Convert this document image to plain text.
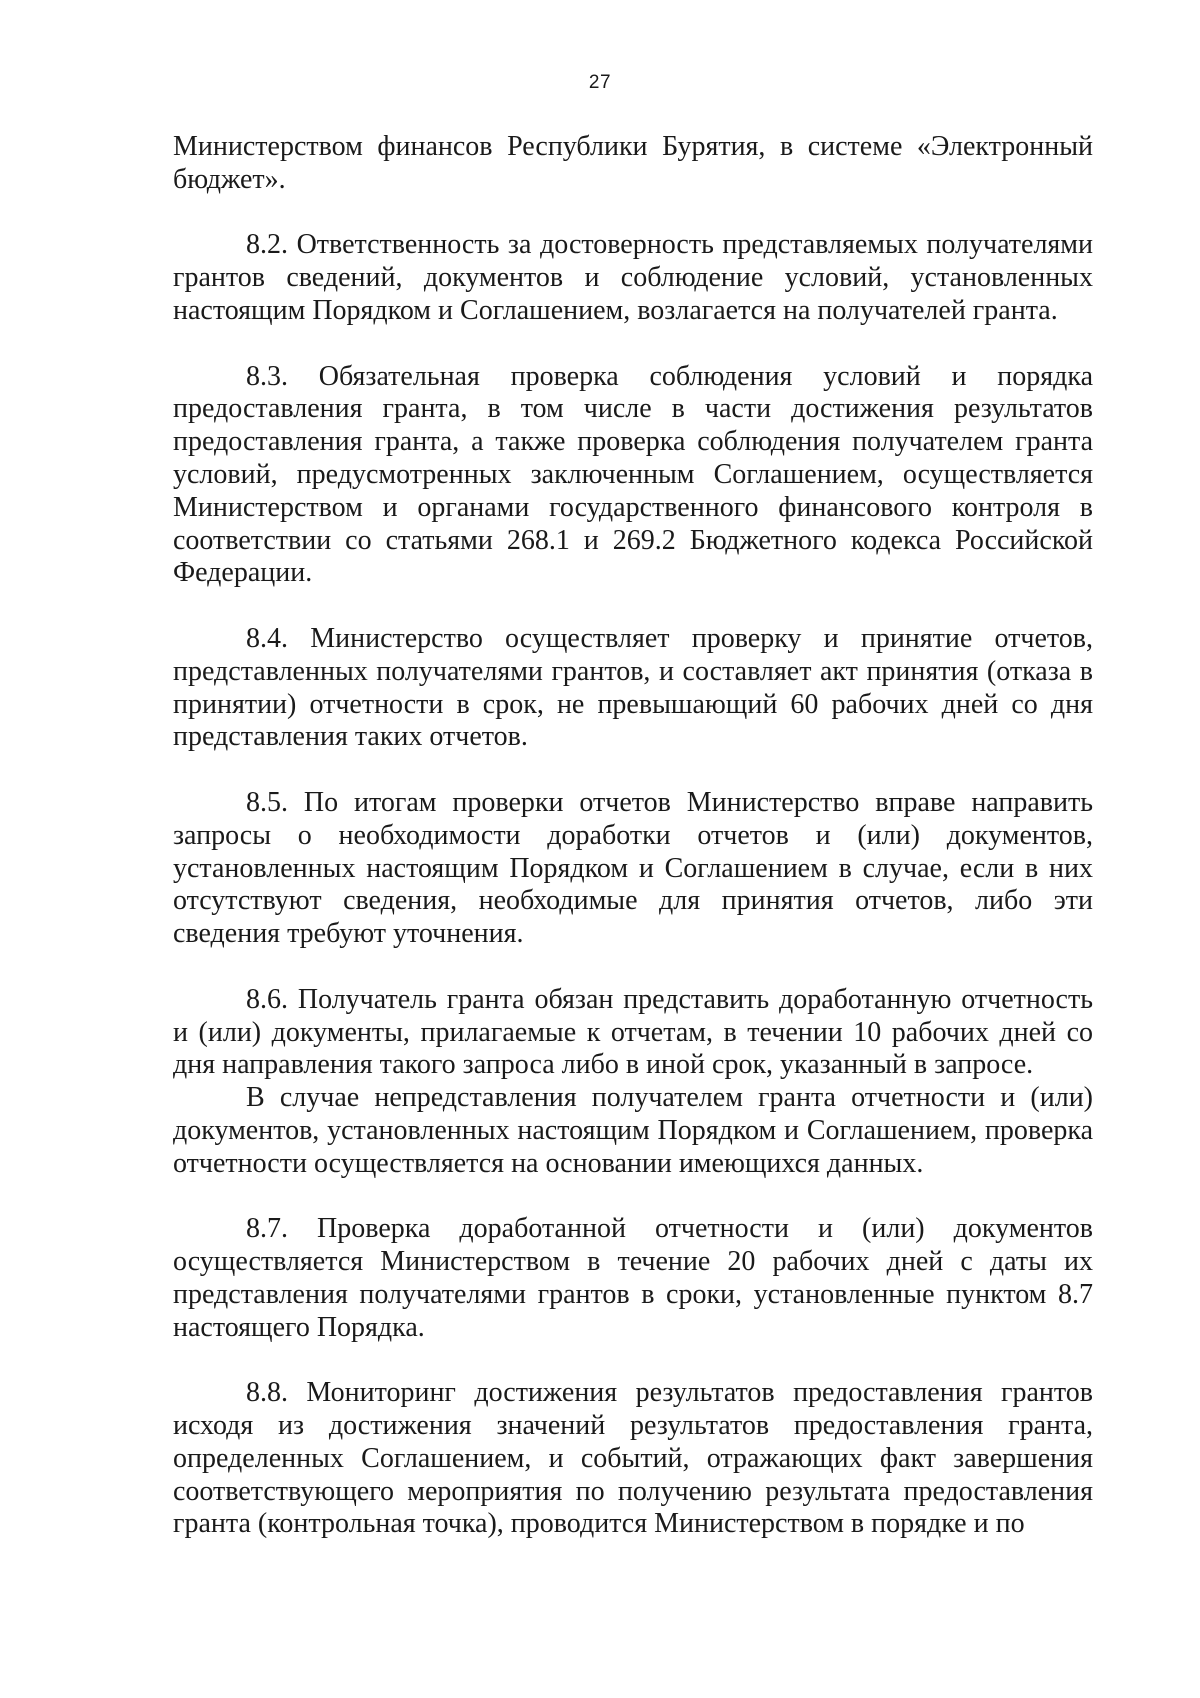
27

Министерством финансов Республики Бурятия, в системе «Электронный бюджет».

8.2. Ответственность за достоверность представляемых получателями грантов сведений, документов и соблюдение условий, установленных настоящим Порядком и Соглашением, возлагается на получателей гранта.

8.3. Обязательная проверка соблюдения условий и порядка предоставления гранта, в том числе в части достижения результатов предоставления гранта, а также проверка соблюдения получателем гранта условий, предусмотренных заключенным Соглашением, осуществляется Министерством и органами государственного финансового контроля в соответствии со статьями 268.1 и 269.2 Бюджетного кодекса Российской Федерации.

8.4. Министерство осуществляет проверку и принятие отчетов, представленных получателями грантов, и составляет акт принятия (отказа в принятии) отчетности в срок, не превышающий 60 рабочих дней со дня представления таких отчетов.

8.5. По итогам проверки отчетов Министерство вправе направить запросы о необходимости доработки отчетов и (или) документов, установленных настоящим Порядком и Соглашением в случае, если в них отсутствуют сведения, необходимые для принятия отчетов, либо эти сведения требуют уточнения.

8.6. Получатель гранта обязан представить доработанную отчетность и (или) документы, прилагаемые к отчетам, в течении 10 рабочих дней со дня направления такого запроса либо в иной срок, указанный в запросе.

В случае непредставления получателем гранта отчетности и (или) документов, установленных настоящим Порядком и Соглашением, проверка отчетности осуществляется на основании имеющихся данных.

8.7. Проверка доработанной отчетности и (или) документов осуществляется Министерством в течение 20 рабочих дней с даты их представления получателями грантов в сроки, установленные пунктом 8.7 настоящего Порядка.

8.8. Мониторинг достижения результатов предоставления грантов исходя из достижения значений результатов предоставления гранта, определенных Соглашением, и событий, отражающих факт завершения соответствующего мероприятия по получению результата предоставления гранта (контрольная точка), проводится Министерством в порядке и по
